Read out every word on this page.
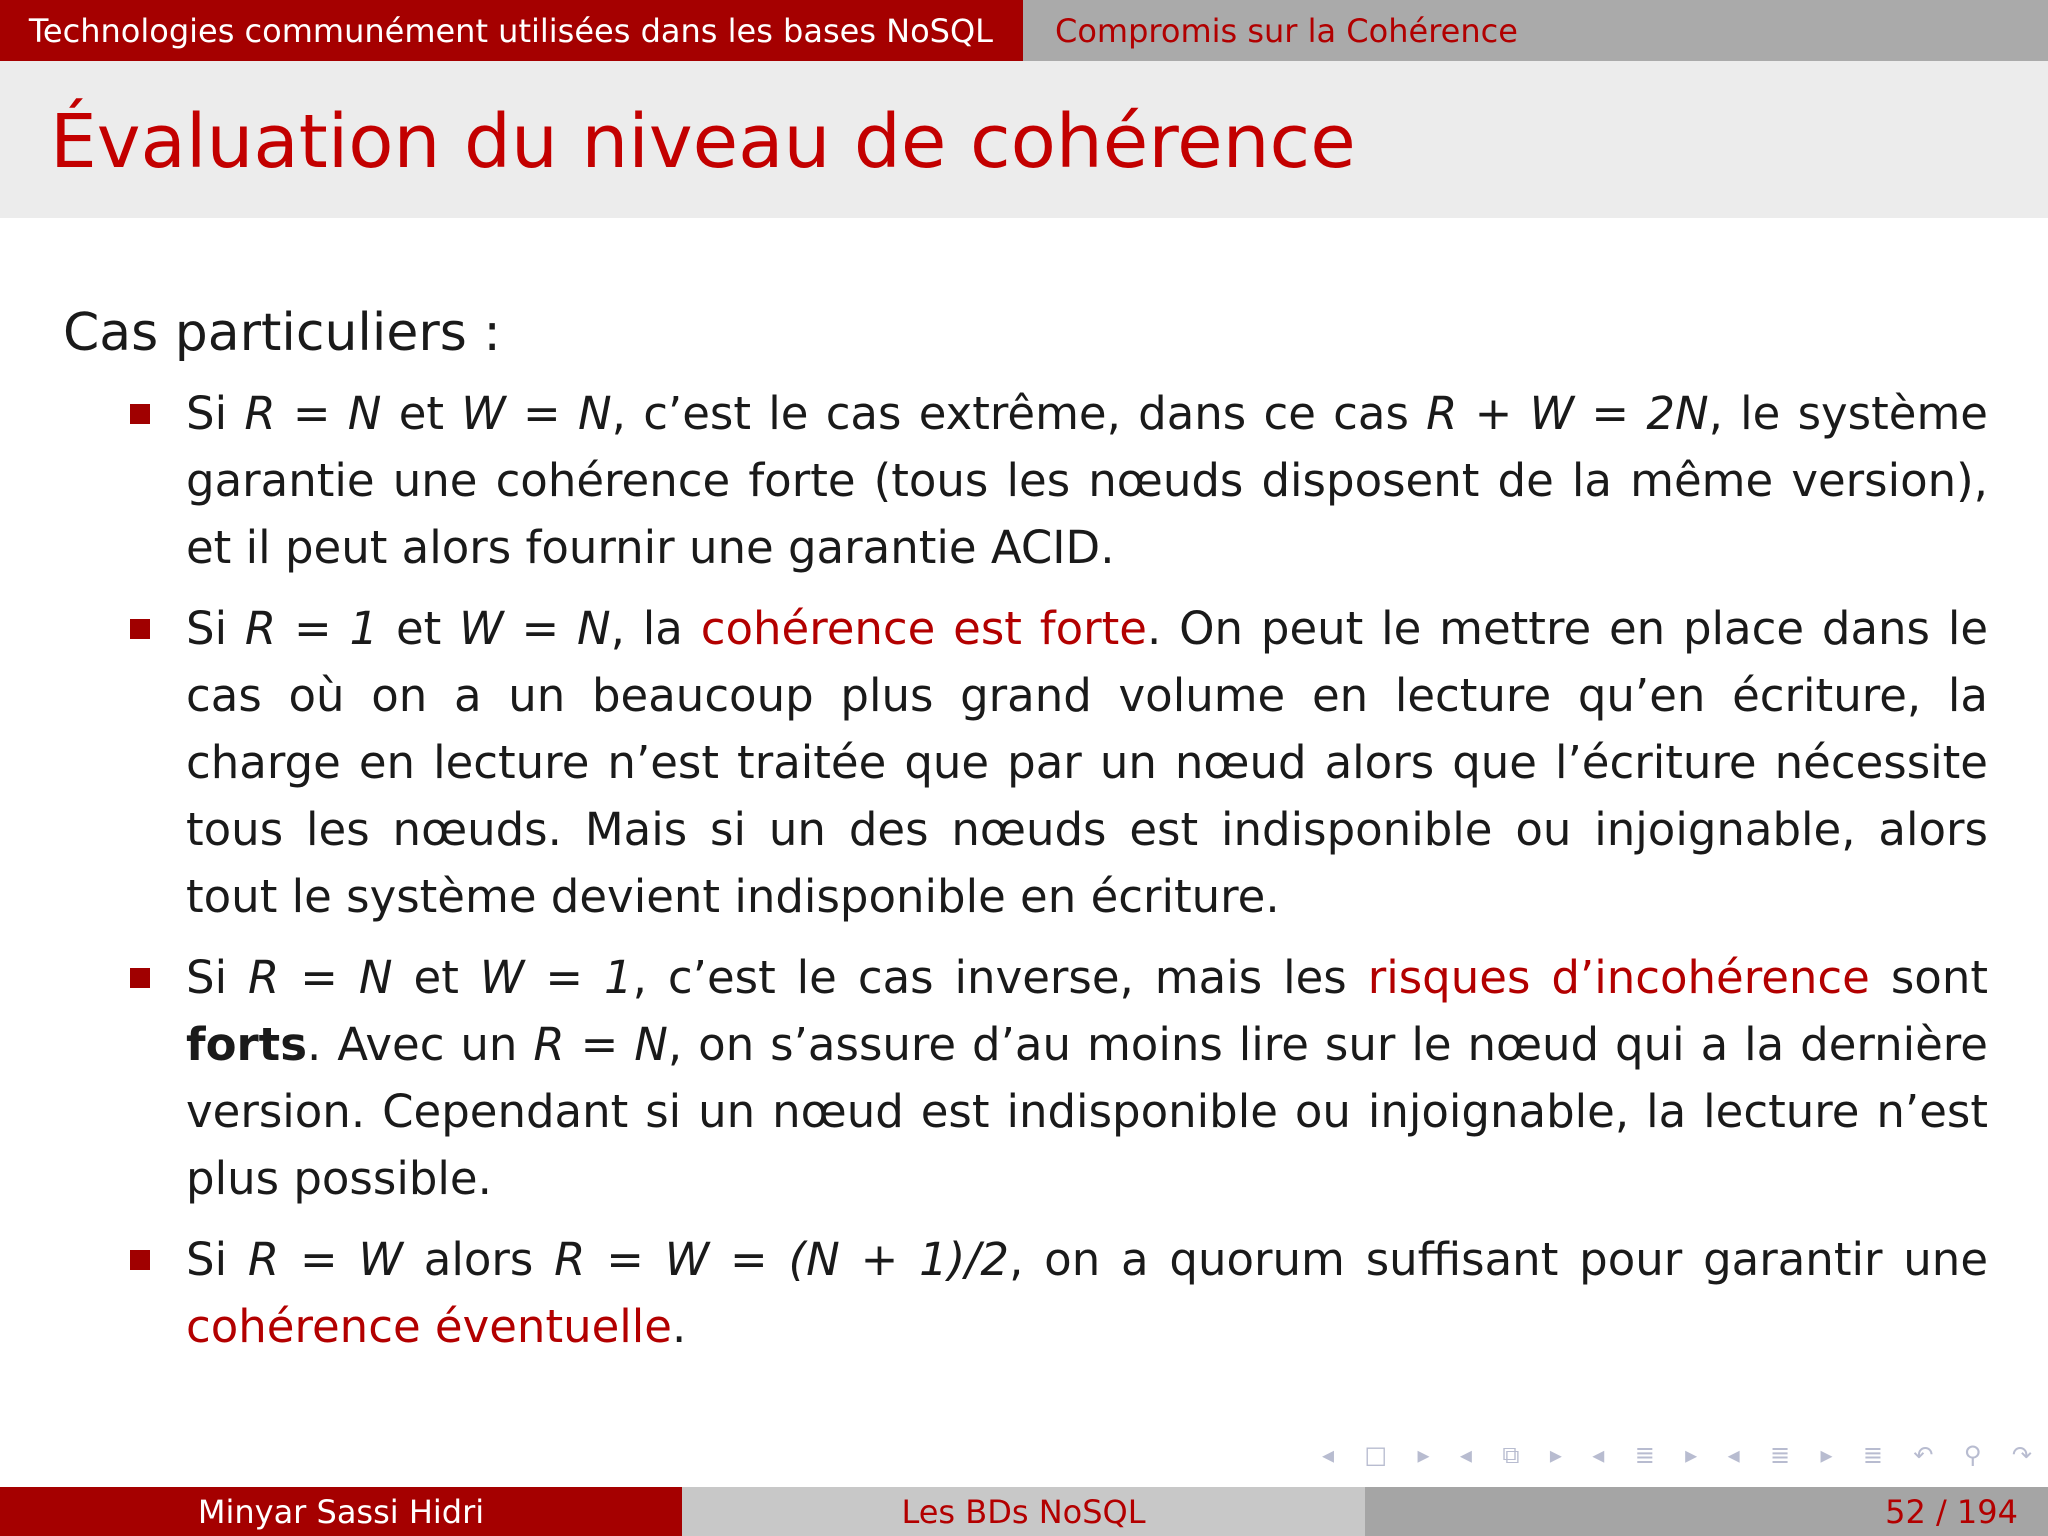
Technologies communément utilisées dans les bases NoSQL Compromis sur la Cohérence
Évaluation du niveau de cohérence
Cas particuliers :
Si R = N et W = N, c’est le cas extrême, dans ce cas R + W = 2N, le système garantie une cohérence forte (tous les nœuds disposent de la même version), et il peut alors fournir une garantie ACID.
Si R = 1 et W = N, la cohérence est forte. On peut le mettre en place dans le cas où on a un beaucoup plus grand volume en lecture qu’en écriture, la charge en lecture n’est traitée que par un nœud alors que l’écriture nécessite tous les nœuds. Mais si un des nœuds est indisponible ou injoignable, alors tout le système devient indisponible en écriture.
Si R = N et W = 1, c’est le cas inverse, mais les risques d’incohérence sont forts. Avec un R = N, on s’assure d’au moins lire sur le nœud qui a la dernière version. Cependant si un nœud est indisponible ou injoignable, la lecture n’est plus possible.
Si R = W alors R = W = (N + 1)/2, on a quorum suffisant pour garantir une cohérence éventuelle.
◂ □ ▸ ◂ ⧉ ▸ ◂ ≣ ▸ ◂ ≣ ▸ ≣ ↶ ⚲ ↷
Minyar Sassi Hidri	Les BDs NoSQL	52 / 194
